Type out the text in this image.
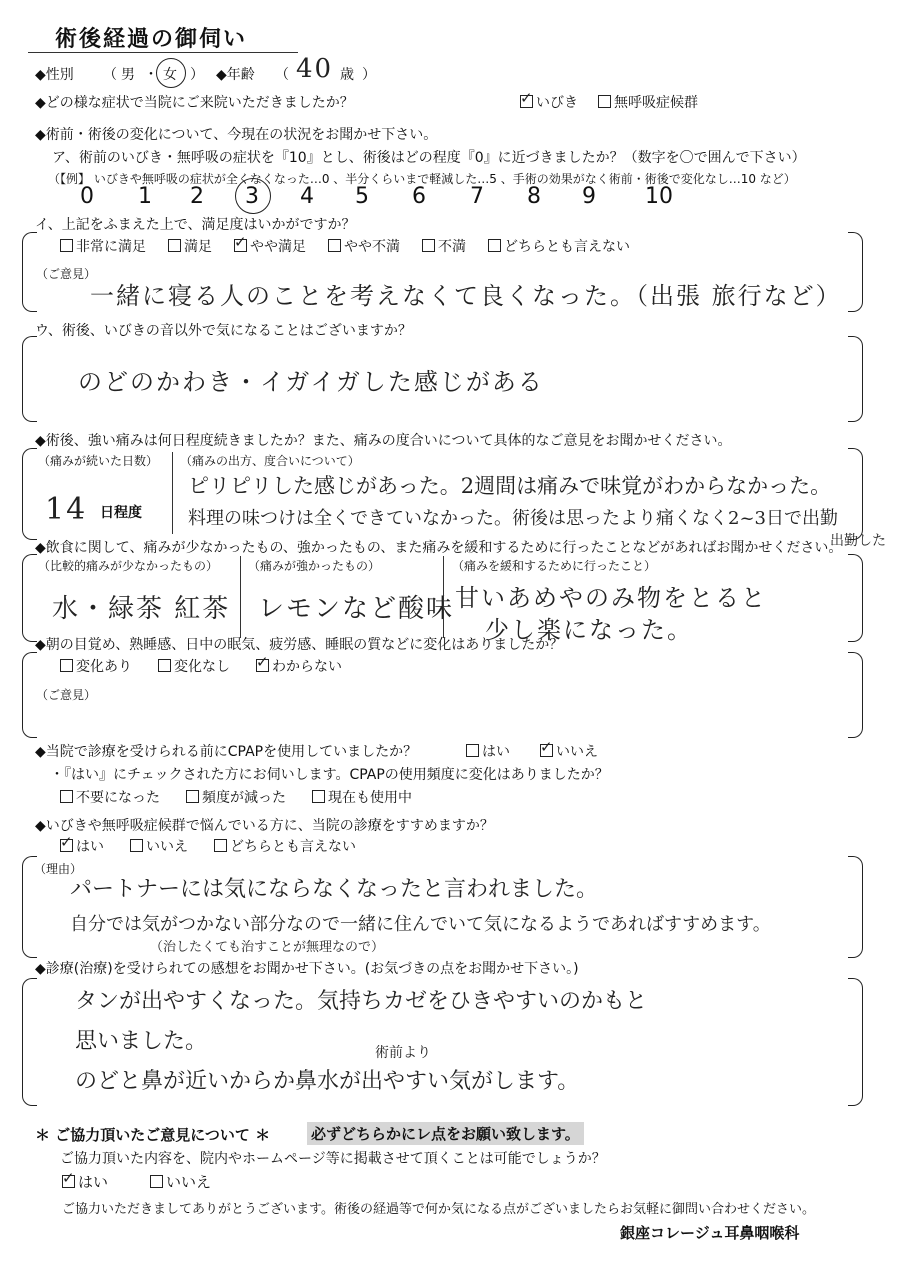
術後経過の御伺い
◆性別 （ 男 ・ 女 ） ◆年齢 （ 40 歳 ）
◆どの様な症状で当院にご来院いただきましたか？ ✓	いびき	無呼吸症候群
◆術前・術後の変化について、今現在の状況をお聞かせ下さい。
ア、術前のいびき・無呼吸の症状を『10』とし、術後はどの程度『0』に近づきましたか？（数字を〇で囲んで下さい）
（【例】 いびきや無呼吸の症状が全くなくなった…0 、半分くらいまで軽減した…5 、手術の効果がなく術前・術後で変化なし…10 など）
0 1 2 3 4 5 6 7 8 9 10
イ、上記をふまえた上で、満足度はいかがですか？
非常に満足	満足 ✓	やや満足	やや不満	不満	どちらとも言えない
（ご意見）
一緒に寝る人のことを考えなくて良くなった。（出張 旅行など）
ウ、術後、いびきの音以外で気になることはございますか？
のどのかわき・イガイガした感じがある
◆術後、強い痛みは何日程度続きましたか？また、痛みの度合いについて具体的なご意見をお聞かせください。
（痛みが続いた日数）
14 日程度
（痛みの出方、度合いについて）
ピリピリした感じがあった。2週間は痛みで味覚がわからなかった。
料理の味つけは全くできていなかった。術後は思ったより痛くなく2~3日で出勤
出勤した
◆飲食に関して、痛みが少なかったもの、強かったもの、また痛みを緩和するために行ったことなどがあればお聞かせください。
（比較的痛みが少なかったもの）
水・緑茶 紅茶
（痛みが強かったもの）
レモンなど酸味
（痛みを緩和するために行ったこと）
甘いあめやのみ物をとると
少し楽になった。
◆朝の目覚め、熟睡感、日中の眠気、疲労感、睡眠の質などに変化はありましたか？
変化あり	変化なし ✓	わからない
（ご意見）
◆当院で診療を受けられる前にCPAPを使用していましたか？	はい ✓	いいえ
・『はい』にチェックされた方にお伺いします。CPAPの使用頻度に変化はありましたか？
不要になった	頻度が減った	現在も使用中
◆いびきや無呼吸症候群で悩んでいる方に、当院の診療をすすめますか？
✓はい	いいえ	どちらとも言えない
（理由）
パートナーには気にならなくなったと言われました。
自分では気がつかない部分なので一緒に住んでいて気になるようであればすすめます。
（治したくても治すことが無理なので）
◆診療(治療)を受けられての感想をお聞かせ下さい。(お気づきの点をお聞かせ下さい。)
タンが出やすくなった。気持ちカゼをひきやすいのかもと
思いました。	術前より
のどと鼻が近いからか鼻水が出やすい気がします。
＊ ご協力頂いたご意見について ＊	必ずどちらかにレ点をお願い致します。
ご協力頂いた内容を、院内やホームページ等に掲載させて頂くことは可能でしょうか？
✓はい	いいえ
ご協力いただきましてありがとうございます。術後の経過等で何か気になる点がございましたらお気軽に御問い合わせください。
銀座コレージュ耳鼻咽喉科
